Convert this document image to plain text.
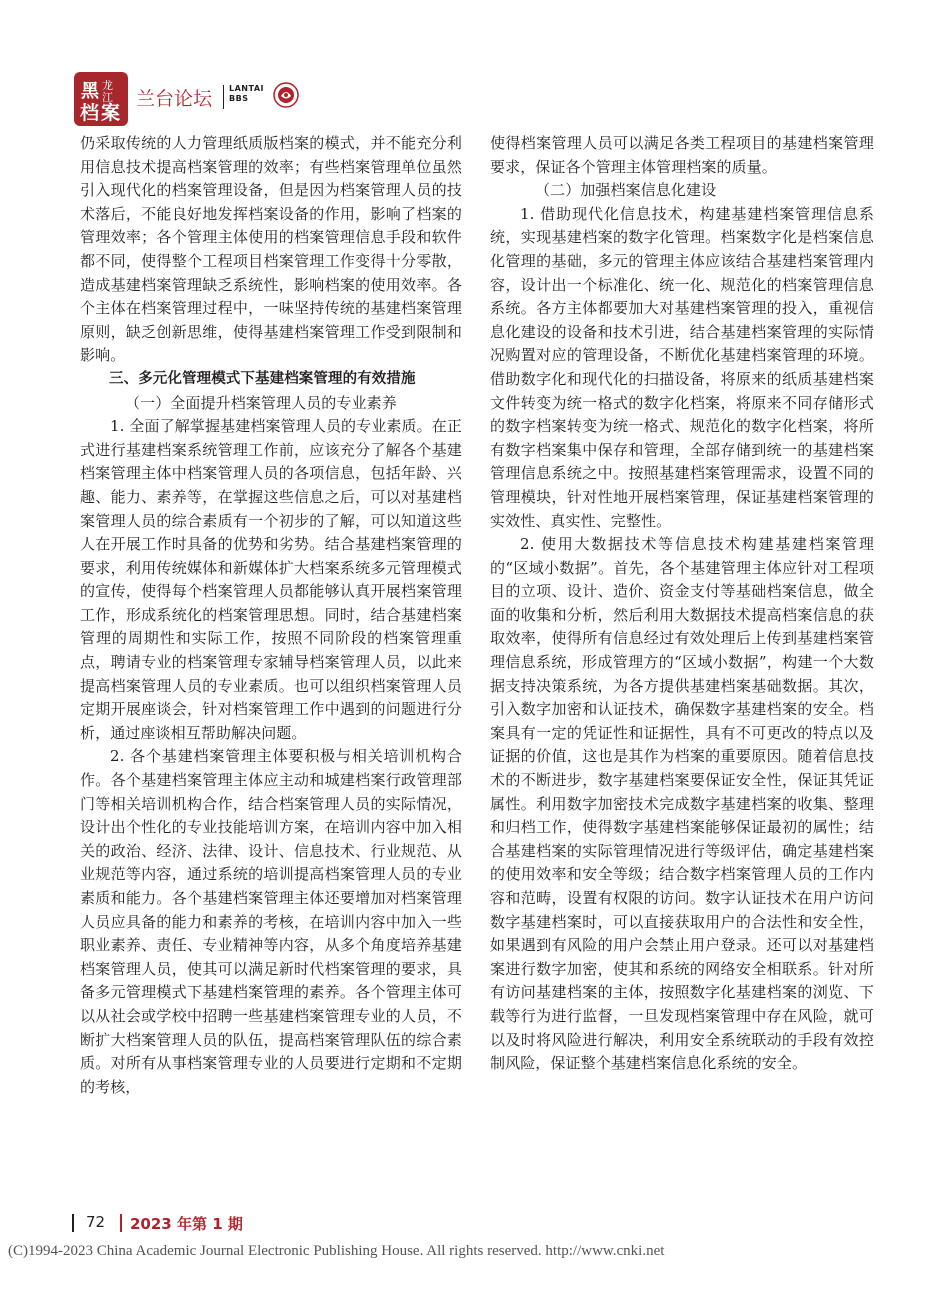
黑 龙
江
档 案
兰台论坛 LANTAI
BBS

仍采取传统的人力管理纸质版档案的模式，并不能充分利用信息技术提高档案管理的效率；有些档案管理单位虽然引入现代化的档案管理设备，但是因为档案管理人员的技术落后，不能良好地发挥档案设备的作用，影响了档案的管理效率；各个管理主体使用的档案管理信息手段和软件都不同，使得整个工程项目档案管理工作变得十分零散，造成基建档案管理缺乏系统性，影响档案的使用效率。各个主体在档案管理过程中，一味坚持传统的基建档案管理原则，缺乏创新思维，使得基建档案管理工作受到限制和影响。

三、多元化管理模式下基建档案管理的有效措施

（一）全面提升档案管理人员的专业素养

1. 全面了解掌握基建档案管理人员的专业素质。在正式进行基建档案系统管理工作前，应该充分了解各个基建档案管理主体中档案管理人员的各项信息，包括年龄、兴趣、能力、素养等，在掌握这些信息之后，可以对基建档案管理人员的综合素质有一个初步的了解，可以知道这些人在开展工作时具备的优势和劣势。结合基建档案管理的要求，利用传统媒体和新媒体扩大档案系统多元管理模式的宣传，使得每个档案管理人员都能够认真开展档案管理工作，形成系统化的档案管理思想。同时，结合基建档案管理的周期性和实际工作，按照不同阶段的档案管理重点，聘请专业的档案管理专家辅导档案管理人员，以此来提高档案管理人员的专业素质。也可以组织档案管理人员定期开展座谈会，针对档案管理工作中遇到的问题进行分析，通过座谈相互帮助解决问题。

2. 各个基建档案管理主体要积极与相关培训机构合作。各个基建档案管理主体应主动和城建档案行政管理部门等相关培训机构合作，结合档案管理人员的实际情况，设计出个性化的专业技能培训方案，在培训内容中加入相关的政治、经济、法律、设计、信息技术、行业规范、从业规范等内容，通过系统的培训提高档案管理人员的专业素质和能力。各个基建档案管理主体还要增加对档案管理人员应具备的能力和素养的考核，在培训内容中加入一些职业素养、责任、专业精神等内容，从多个角度培养基建档案管理人员，使其可以满足新时代档案管理的要求，具备多元管理模式下基建档案管理的素养。各个管理主体可以从社会或学校中招聘一些基建档案管理专业的人员，不断扩大档案管理人员的队伍，提高档案管理队伍的综合素质。对所有从事档案管理专业的人员要进行定期和不定期的考核，

使得档案管理人员可以满足各类工程项目的基建档案管理要求，保证各个管理主体管理档案的质量。

（二）加强档案信息化建设

1. 借助现代化信息技术，构建基建档案管理信息系统，实现基建档案的数字化管理。档案数字化是档案信息化管理的基础，多元的管理主体应该结合基建档案管理内容，设计出一个标准化、统一化、规范化的档案管理信息系统。各方主体都要加大对基建档案管理的投入，重视信息化建设的设备和技术引进，结合基建档案管理的实际情况购置对应的管理设备，不断优化基建档案管理的环境。借助数字化和现代化的扫描设备，将原来的纸质基建档案文件转变为统一格式的数字化档案，将原来不同存储形式的数字档案转变为统一格式、规范化的数字化档案，将所有数字档案集中保存和管理，全部存储到统一的基建档案管理信息系统之中。按照基建档案管理需求，设置不同的管理模块，针对性地开展档案管理，保证基建档案管理的实效性、真实性、完整性。

2. 使用大数据技术等信息技术构建基建档案管理的“区域小数据”。首先，各个基建管理主体应针对工程项目的立项、设计、造价、资金支付等基础档案信息，做全面的收集和分析，然后利用大数据技术提高档案信息的获取效率，使得所有信息经过有效处理后上传到基建档案管理信息系统，形成管理方的“区域小数据”，构建一个大数据支持决策系统，为各方提供基建档案基础数据。其次，引入数字加密和认证技术，确保数字基建档案的安全。档案具有一定的凭证性和证据性，具有不可更改的特点以及证据的价值，这也是其作为档案的重要原因。随着信息技术的不断进步，数字基建档案要保证安全性，保证其凭证属性。利用数字加密技术完成数字基建档案的收集、整理和归档工作，使得数字基建档案能够保证最初的属性；结合基建档案的实际管理情况进行等级评估，确定基建档案的使用效率和安全等级；结合数字档案管理人员的工作内容和范畴，设置有权限的访问。数字认证技术在用户访问数字基建档案时，可以直接获取用户的合法性和安全性，如果遇到有风险的用户会禁止用户登录。还可以对基建档案进行数字加密，使其和系统的网络安全相联系。针对所有访问基建档案的主体，按照数字化基建档案的浏览、下载等行为进行监督，一旦发现档案管理中存在风险，就可以及时将风险进行解决，利用安全系统联动的手段有效控制风险，保证整个基建档案信息化系统的安全。

72 2023 年第 1 期
(C)1994-2023 China Academic Journal Electronic Publishing House. All rights reserved. http://www.cnki.net
